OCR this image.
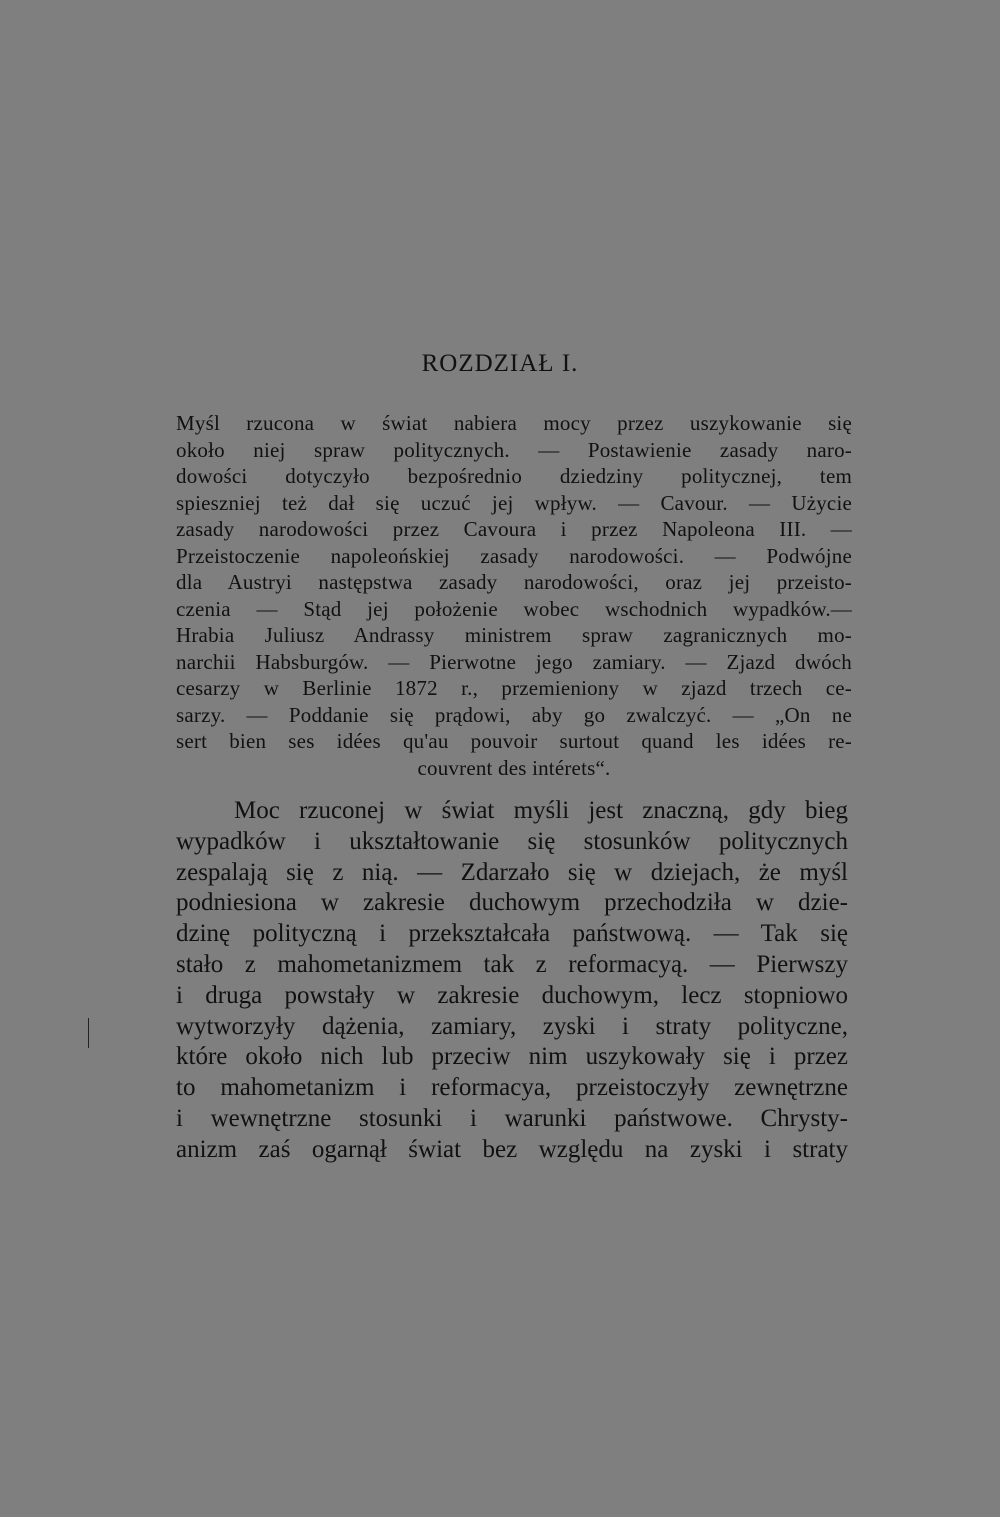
ROZDZIAŁ I.
Myśl rzucona w świat nabiera mocy przez uszykowanie się
około niej spraw politycznych. — Postawienie zasady naro-
dowości dotyczyło bezpośrednio dziedziny politycznej, tem
spieszniej też dał się uczuć jej wpływ. — Cavour. — Użycie
zasady narodowości przez Cavoura i przez Napoleona III. —
Przeistoczenie napoleońskiej zasady narodowości. — Podwójne
dla Austryi następstwa zasady narodowości, oraz jej przeisto-
czenia — Stąd jej położenie wobec wschodnich wypadków.—
Hrabia Juliusz Andrassy ministrem spraw zagranicznych mo-
narchii Habsburgów. — Pierwotne jego zamiary. — Zjazd dwóch
cesarzy w Berlinie 1872 r., przemieniony w zjazd trzech ce-
sarzy. — Poddanie się prądowi, aby go zwalczyć. — „On ne
sert bien ses idées qu'au pouvoir surtout quand les idées re-
couvrent des intérets“.
Moc rzuconej w świat myśli jest znaczną, gdy bieg
wypadków i ukształtowanie się stosunków politycznych
zespalają się z nią. — Zdarzało się w dziejach, że myśl
podniesiona w zakresie duchowym przechodziła w dzie-
dzinę polityczną i przekształcała państwową. — Tak się
stało z mahometanizmem tak z reformacyą. — Pierwszy
i druga powstały w zakresie duchowym, lecz stopniowo
wytworzyły dążenia, zamiary, zyski i straty polityczne,
które około nich lub przeciw nim uszykowały się i przez
to mahometanizm i reformacya, przeistoczyły zewnętrzne
i wewnętrzne stosunki i warunki państwowe. Chrysty-
anizm zaś ogarnął świat bez względu na zyski i straty
